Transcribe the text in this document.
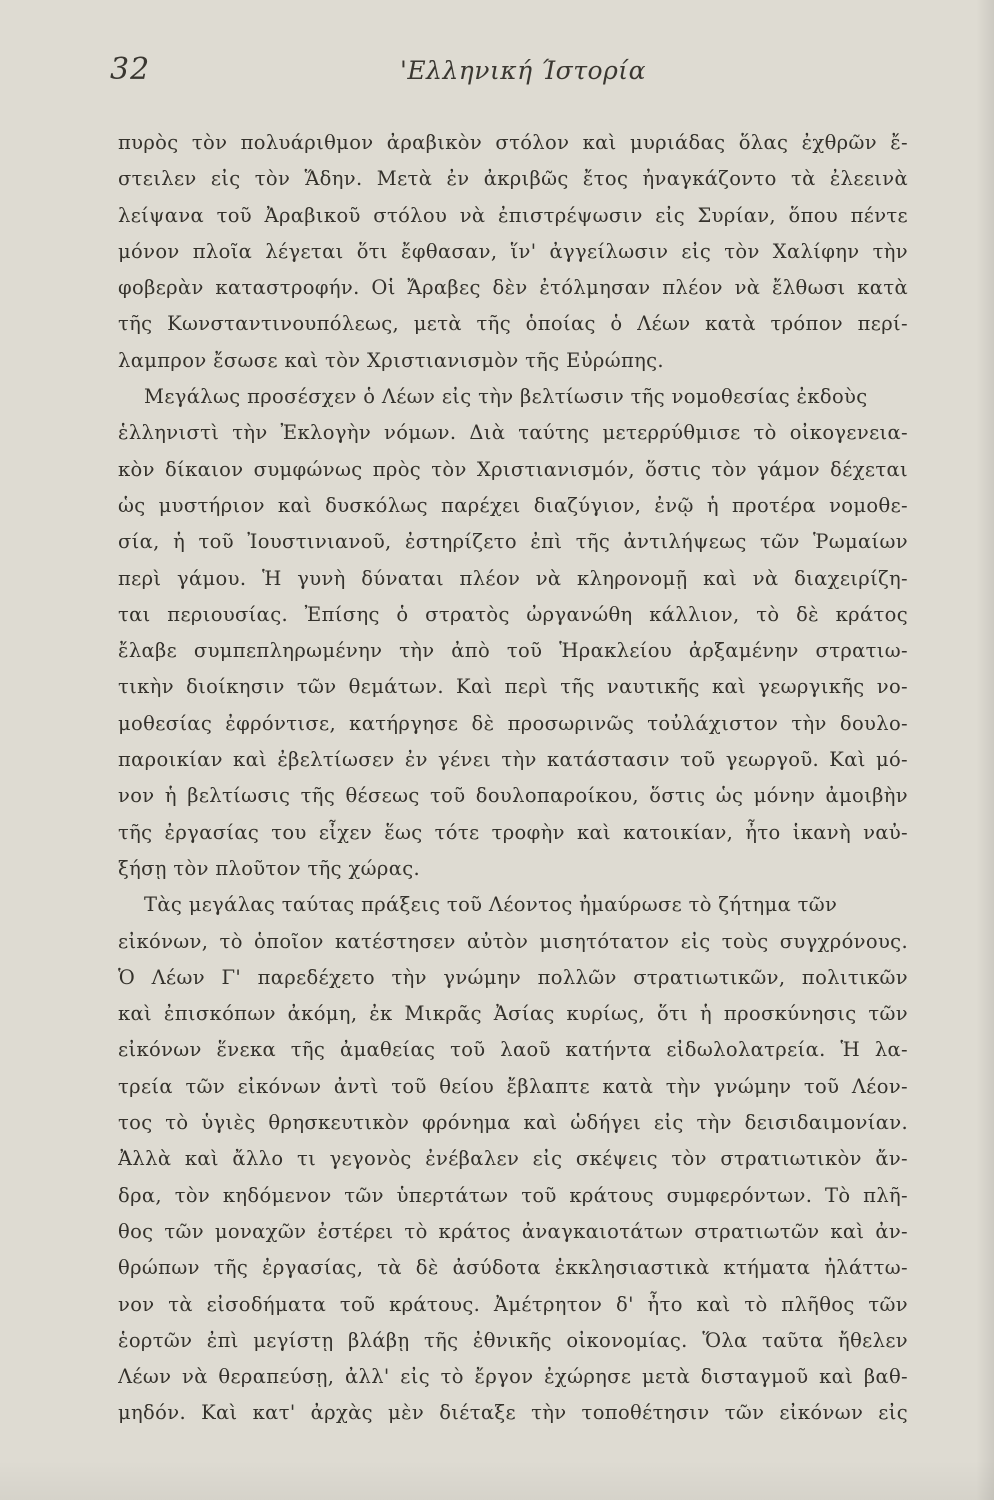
32	'Ελληνική Ίστορία
πυρὸς τὸν πολυάριθμον ἀραβικὸν στόλον καὶ μυριάδας ὅλας ἐχθρῶν ἔ-
στειλεν εἰς τὸν Ἅδην. Μετὰ ἐν ἀκριβῶς ἔτος ἠναγκάζοντο τὰ ἐλεεινὰ
λείψανα τοῦ Ἀραβικοῦ στόλου νὰ ἐπιστρέψωσιν εἰς Συρίαν, ὅπου πέντε
μόνον πλοῖα λέγεται ὅτι ἔφθασαν, ἵν' ἀγγείλωσιν εἰς τὸν Χαλίφην τὴν
φοβερὰν καταστροφήν. Οἱ Ἄραβες δὲν ἐτόλμησαν πλέον νὰ ἔλθωσι κατὰ
τῆς Κωνσταντινουπόλεως, μετὰ τῆς ὁποίας ὁ Λέων κατὰ τρόπον περί-
λαμπρον ἔσωσε καὶ τὸν Χριστιανισμὸν τῆς Εὐρώπης.
Μεγάλως προσέσχεν ὁ Λέων εἰς τὴν βελτίωσιν τῆς νομοθεσίας ἐκδοὺς
ἑλληνιστὶ τὴν Ἐκλογὴν νόμων. Διὰ ταύτης μετερρύθμισε τὸ οἰκογενεια-
κὸν δίκαιον συμφώνως πρὸς τὸν Χριστιανισμόν, ὅστις τὸν γάμον δέχεται
ὡς μυστήριον καὶ δυσκόλως παρέχει διαζύγιον, ἐνῷ ἡ προτέρα νομοθε-
σία, ἡ τοῦ Ἰουστινιανοῦ, ἐστηρίζετο ἐπὶ τῆς ἀντιλήψεως τῶν Ῥωμαίων
περὶ γάμου. Ἡ γυνὴ δύναται πλέον νὰ κληρονομῇ καὶ νὰ διαχειρίζη-
ται περιουσίας. Ἐπίσης ὁ στρατὸς ὠργανώθη κάλλιον, τὸ δὲ κράτος
ἔλαβε συμπεπληρωμένην τὴν ἀπὸ τοῦ Ἡρακλείου ἀρξαμένην στρατιω-
τικὴν διοίκησιν τῶν θεμάτων. Καὶ περὶ τῆς ναυτικῆς καὶ γεωργικῆς νο-
μοθεσίας ἐφρόντισε, κατήργησε δὲ προσωρινῶς τοὐλάχιστον τὴν δουλο-
παροικίαν καὶ ἐβελτίωσεν ἐν γένει τὴν κατάστασιν τοῦ γεωργοῦ. Καὶ μό-
νον ἡ βελτίωσις τῆς θέσεως τοῦ δουλοπαροίκου, ὅστις ὡς μόνην ἀμοιβὴν
τῆς ἐργασίας του εἶχεν ἕως τότε τροφὴν καὶ κατοικίαν, ἦτο ἱκανὴ ναὐ-
ξήσῃ τὸν πλοῦτον τῆς χώρας.
Τὰς μεγάλας ταύτας πράξεις τοῦ Λέοντος ἠμαύρωσε τὸ ζήτημα τῶν
εἰκόνων, τὸ ὁποῖον κατέστησεν αὐτὸν μισητότατον εἰς τοὺς συγχρόνους.
Ὁ Λέων Γ' παρεδέχετο τὴν γνώμην πολλῶν στρατιωτικῶν, πολιτικῶν
καὶ ἐπισκόπων ἀκόμη, ἐκ Μικρᾶς Ἀσίας κυρίως, ὅτι ἡ προσκύνησις τῶν
εἰκόνων ἕνεκα τῆς ἀμαθείας τοῦ λαοῦ κατήντα εἰδωλολατρεία. Ἡ λα-
τρεία τῶν εἰκόνων ἀντὶ τοῦ θείου ἔβλαπτε κατὰ τὴν γνώμην τοῦ Λέον-
τος τὸ ὑγιὲς θρησκευτικὸν φρόνημα καὶ ὡδήγει εἰς τὴν δεισιδαιμονίαν.
Ἀλλὰ καὶ ἄλλο τι γεγονὸς ἐνέβαλεν εἰς σκέψεις τὸν στρατιωτικὸν ἄν-
δρα, τὸν κηδόμενον τῶν ὑπερτάτων τοῦ κράτους συμφερόντων. Τὸ πλῆ-
θος τῶν μοναχῶν ἐστέρει τὸ κράτος ἀναγκαιοτάτων στρατιωτῶν καὶ ἀν-
θρώπων τῆς ἐργασίας, τὰ δὲ ἀσύδοτα ἐκκλησιαστικὰ κτήματα ἠλάττω-
νον τὰ εἰσοδήματα τοῦ κράτους. Ἀμέτρητον δ' ἦτο καὶ τὸ πλῆθος τῶν
ἑορτῶν ἐπὶ μεγίστῃ βλάβῃ τῆς ἐθνικῆς οἰκονομίας. Ὅλα ταῦτα ἤθελεν
Λέων νὰ θεραπεύσῃ, ἀλλ' εἰς τὸ ἔργον ἐχώρησε μετὰ δισταγμοῦ καὶ βαθ-
μηδόν. Καὶ κατ' ἀρχὰς μὲν διέταξε τὴν τοποθέτησιν τῶν εἰκόνων εἰς
